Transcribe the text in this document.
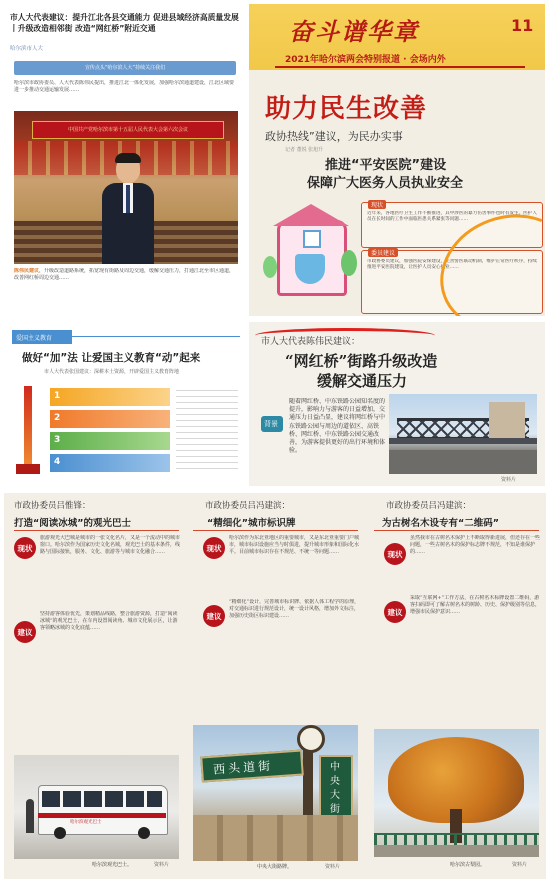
市人大代表建议：提升江北各县交通能力 促进县域经济高质量发展丨升级改造相邻街 改造“网红桥”附近交通
哈尔滨市人大
宣传点头“哈尔滨人大”持续关注我们
哈尔滨市政协委员、人大代表陈伟民提出，推进江北一体化发展，加强哈尔滨通道建设，江北区域要进一步推动交通运输发展……
中国共产党哈尔滨市第十五届人民代表大会第六次会议
陈伟民建议，升级改造道路系统，拓宽现有街路及周边交通，缓解交通压力，打通江北至市区通道，改善网红桥周边交通……
奋斗谱华章	11
2021年哈尔滨两会特别报道 · 会场内外
助力民生改善
政协热线”建议，为民办实事
记者 董锐 张旭升
推进“平安医院”建设
保障广大医务人员执业安全
现状
近年来，各地医疗卫生工作不断推进，其中涉医的暴力伤害事件也时有发生。医护人员在长时间的工作中面临医患关系紧张等问题……
委员建议
市政协委员建议，加强医院安保建设，完善警医联动机制，维护正常医疗秩序，持续推进平安医院建设，让医护人员安心执业……
爱国主义教育
做好“加”法 让爱国主义教育“动”起来
市人大代表张国建议：深耕本土资源，开辟爱国主义教育阵地
1
2
3
4
市人大代表陈伟民建议：
“网红桥”街路升级改造
缓解交通压力
背景
随着网红桥、中东铁路公园知名度的提升，影响力与游客的日益增加，交通压力日益凸显，建议将网红桥与中东铁路公园与周边的道依区、高铁桥、网红桥、中东铁路公园交通改善，为游客提供更好的出行环境和体验。
资料片
市政协委员吕惟锋：
打造“阅读冰城”的观光巴士
现状
旅游观光大巴城是城市的一张文化名片，又是一个流动中的城市窗口。哈尔滨作为国家历史文化名城，观光巴士的基本条件，线路与国际接轨，服务、文化、旅游等与城市文化融合……
建议
坚持游客体验优先，策划精品线路，整合旅游资源，打造“阅读冰城”的观光巴士，在车内设置阅读角、城市文化展示区，让游客领略冰城的文化底蕴……
哈尔滨观光巴士
哈尔滨观光巴士。	资料片
市政协委员吕冯建滨：
“精细化”城市标识牌
现状
哈尔滨作为东北亚地区的重要城市，又是东北亚重要门户城市，城市标识设施应当与时俱进，提升城市形象和国际化水平。目前城市标识存在不规范、不统一等问题……
建议
“精细化”设计，完善城市标识牌、依据人体工程学的原理，对交通标识进行规范设计，统一设计风格，增加外文标注，加强历史街区标识建设……
西头道街	中央大街
中央大街路牌。	资料片
市政协委员吕冯建滨：
为古树名木设专有“二维码”
现状
虽然我市在古树名木保护上不断取得新进展，但还存在一些问题，一些古树名木的保护标志牌不规范，不知是谁保护的……
建议
采取“互联网+”工作方法，在古树名木标牌设置二维码，游客扫码即可了解古树名木的树龄、历史、保护级别等信息，增强市民保护意识……
哈尔滨古梨园。	资料片
